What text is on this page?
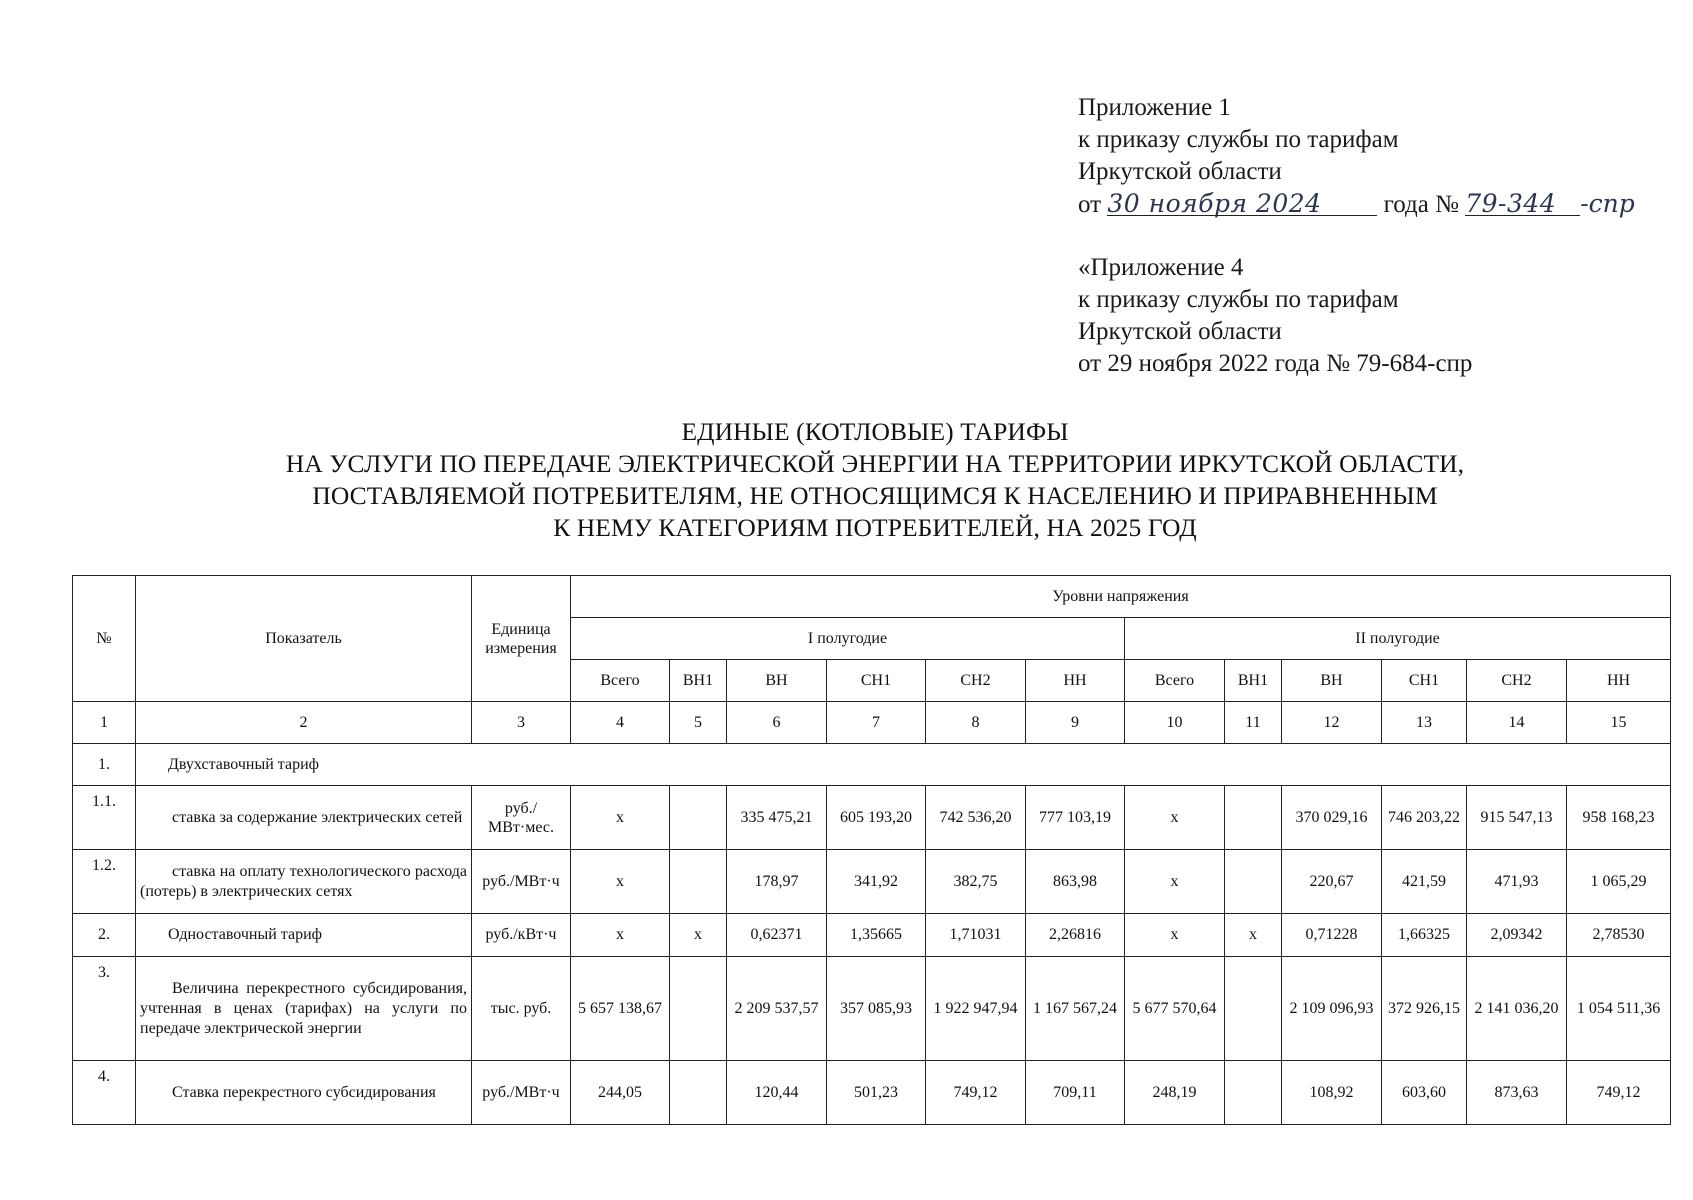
Приложение 1
к приказу службы по тарифам
Иркутской области
от 30 ноября 2024 года № 79-344 -спр
«Приложение 4
к приказу службы по тарифам
Иркутской области
от 29 ноября 2022 года № 79-684-спр
ЕДИНЫЕ (КОТЛОВЫЕ) ТАРИФЫ
НА УСЛУГИ ПО ПЕРЕДАЧЕ ЭЛЕКТРИЧЕСКОЙ ЭНЕРГИИ НА ТЕРРИТОРИИ ИРКУТСКОЙ ОБЛАСТИ,
ПОСТАВЛЯЕМОЙ ПОТРЕБИТЕЛЯМ, НЕ ОТНОСЯЩИМСЯ К НАСЕЛЕНИЮ И ПРИРАВНЕННЫМ
К НЕМУ КАТЕГОРИЯМ ПОТРЕБИТЕЛЕЙ, НА 2025 ГОД
№	Показатель	Единица измерения	Уровни напряжения											
			I полугодие						II полугодие					
			Всего	ВН1	ВН	СН1	СН2	НН	Всего	ВН1	ВН	СН1	СН2	НН
1	2	3	4	5	6	7	8	9	10	11	12	13	14	15
1.	Двухставочный тариф													
1.1.	ставка за содержание электрических сетей	руб./МВт·мес.	х		335 475,21	605 193,20	742 536,20	777 103,19	х		370 029,16	746 203,22	915 547,13	958 168,23
1.2.	ставка на оплату технологического расхода (потерь) в электрических сетях	руб./МВт·ч	х		178,97	341,92	382,75	863,98	х		220,67	421,59	471,93	1 065,29
2.	Одноставочный тариф	руб./кВт·ч	х	х	0,62371	1,35665	1,71031	2,26816	х	х	0,71228	1,66325	2,09342	2,78530
3.	Величина перекрестного субсидирования, учтенная в ценах (тарифах) на услуги по передаче электрической энергии	тыс. руб.	5 657 138,67		2 209 537,57	357 085,93	1 922 947,94	1 167 567,24	5 677 570,64		2 109 096,93	372 926,15	2 141 036,20	1 054 511,36
4.	Ставка перекрестного субсидирования	руб./МВт·ч	244,05		120,44	501,23	749,12	709,11	248,19		108,92	603,60	873,63	749,12
